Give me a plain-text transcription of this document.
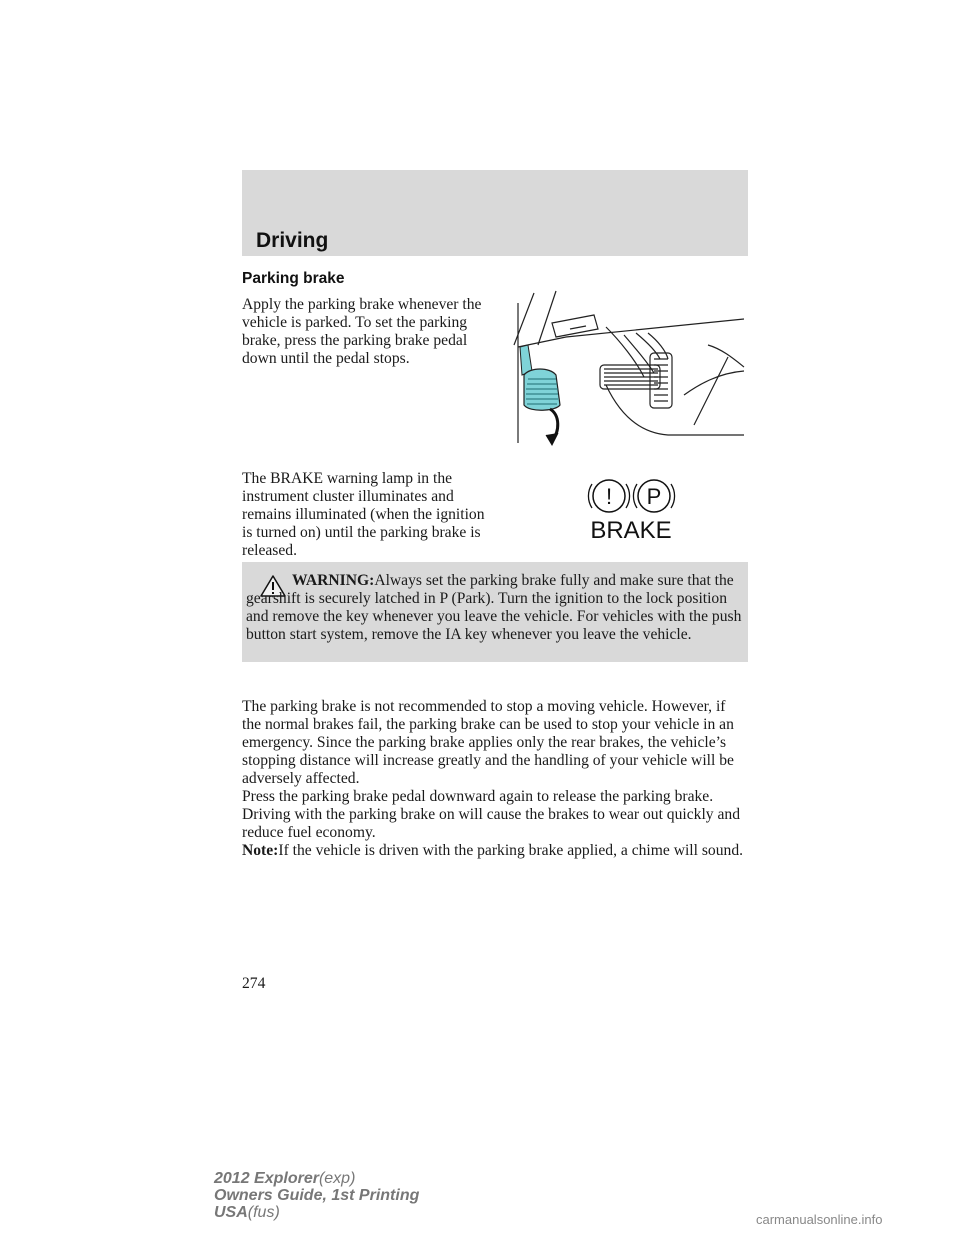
Driving
Parking brake

Apply the parking brake whenever the vehicle is parked. To set the parking brake, press the parking brake pedal down until the pedal stops.

The BRAKE warning lamp in the instrument cluster illuminates and remains illuminated (when the ignition is turned on) until the parking brake is released.

! P
BRAKE

WARNING:Always set the parking brake fully and make sure that the gearshift is securely latched in P (Park). Turn the ignition to the lock position and remove the key whenever you leave the vehicle. For vehicles with the push button start system, remove the IA key whenever you leave the vehicle.

The parking brake is not recommended to stop a moving vehicle. However, if the normal brakes fail, the parking brake can be used to stop your vehicle in an emergency. Since the parking brake applies only the rear brakes, the vehicle’s stopping distance will increase greatly and the handling of your vehicle will be adversely affected.

Press the parking brake pedal downward again to release the parking brake. Driving with the parking brake on will cause the brakes to wear out quickly and reduce fuel economy.

Note:If the vehicle is driven with the parking brake applied, a chime will sound.

274
2012 Explorer(exp)
Owners Guide, 1st Printing
USA(fus)	carmanualsonline.info
